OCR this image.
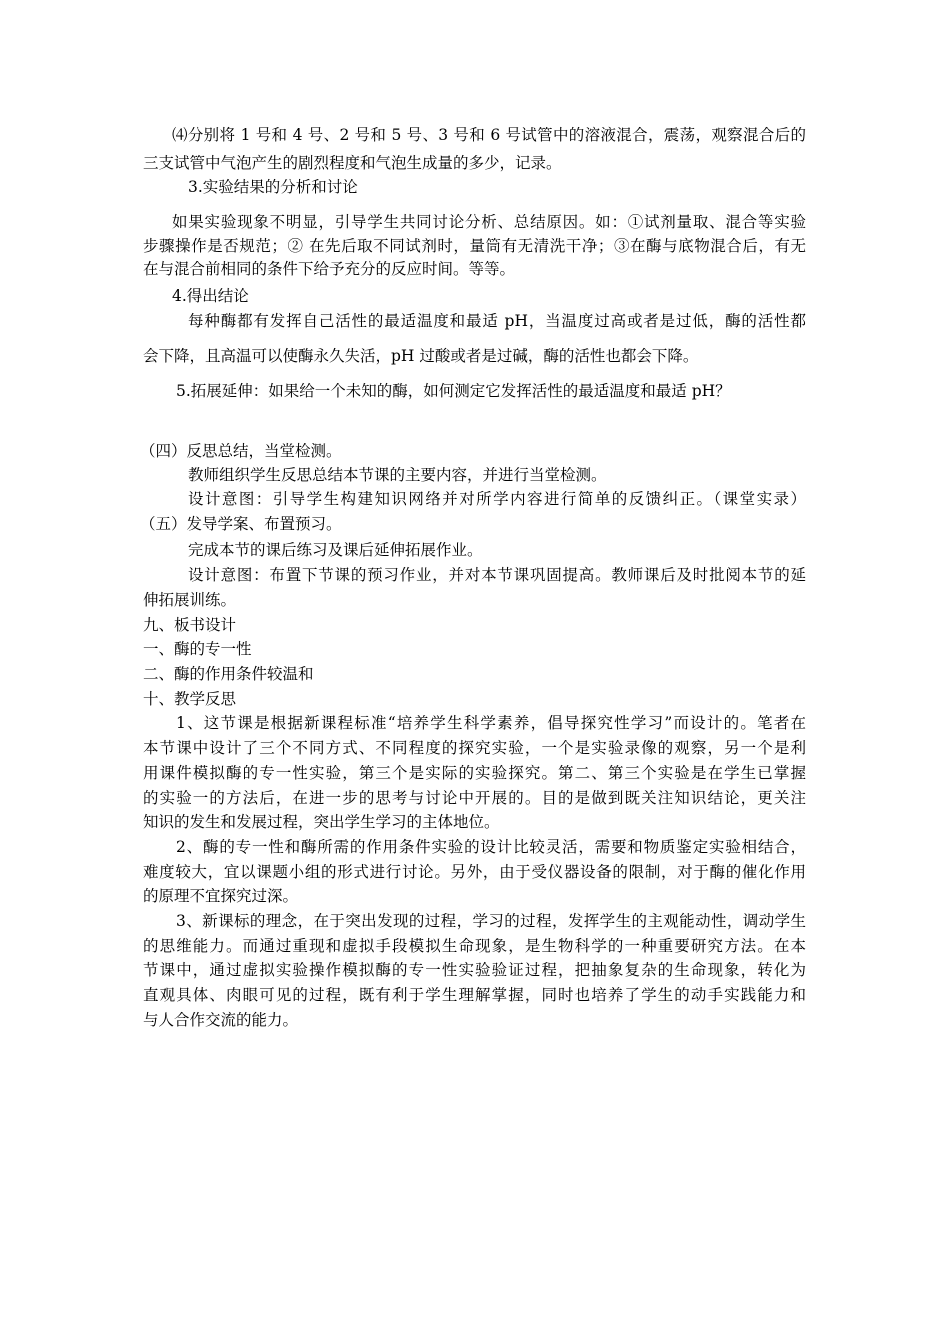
⑷分别将 1 号和 4 号、2 号和 5 号、3 号和 6 号试管中的溶液混合，震荡，观察混合后的
三支试管中气泡产生的剧烈程度和气泡生成量的多少，记录。
3.实验结果的分析和讨论
如果实验现象不明显，引导学生共同讨论分析、总结原因。如：①试剂量取、混合等实验
步骤操作是否规范；② 在先后取不同试剂时，量筒有无清洗干净；③在酶与底物混合后，有无
在与混合前相同的条件下给予充分的反应时间。等等。
4.得出结论
每种酶都有发挥自己活性的最适温度和最适 pH，当温度过高或者是过低，酶的活性都
会下降，且高温可以使酶永久失活，pH 过酸或者是过碱，酶的活性也都会下降。
5.拓展延伸：如果给一个未知的酶，如何测定它发挥活性的最适温度和最适 pH？
（四）反思总结，当堂检测。
教师组织学生反思总结本节课的主要内容，并进行当堂检测。
设计意图：引导学生构建知识网络并对所学内容进行简单的反馈纠正。（课堂实录）
（五）发导学案、布置预习。
完成本节的课后练习及课后延伸拓展作业。
设计意图：布置下节课的预习作业，并对本节课巩固提高。教师课后及时批阅本节的延
伸拓展训练。
九、板书设计
一、酶的专一性
二、酶的作用条件较温和
十、教学反思
1、这节课是根据新课程标准“培养学生科学素养，倡导探究性学习”而设计的。笔者在
本节课中设计了三个不同方式、不同程度的探究实验，一个是实验录像的观察，另一个是利
用课件模拟酶的专一性实验，第三个是实际的实验探究。第二、第三个实验是在学生已掌握
的实验一的方法后，在进一步的思考与讨论中开展的。目的是做到既关注知识结论，更关注
知识的发生和发展过程，突出学生学习的主体地位。
2、酶的专一性和酶所需的作用条件实验的设计比较灵活，需要和物质鉴定实验相结合，
难度较大，宜以课题小组的形式进行讨论。另外，由于受仪器设备的限制，对于酶的催化作用
的原理不宜探究过深。
3、新课标的理念，在于突出发现的过程，学习的过程，发挥学生的主观能动性，调动学生
的思维能力。而通过重现和虚拟手段模拟生命现象，是生物科学的一种重要研究方法。在本
节课中，通过虚拟实验操作模拟酶的专一性实验验证过程，把抽象复杂的生命现象，转化为
直观具体、肉眼可见的过程，既有利于学生理解掌握，同时也培养了学生的动手实践能力和
与人合作交流的能力。
